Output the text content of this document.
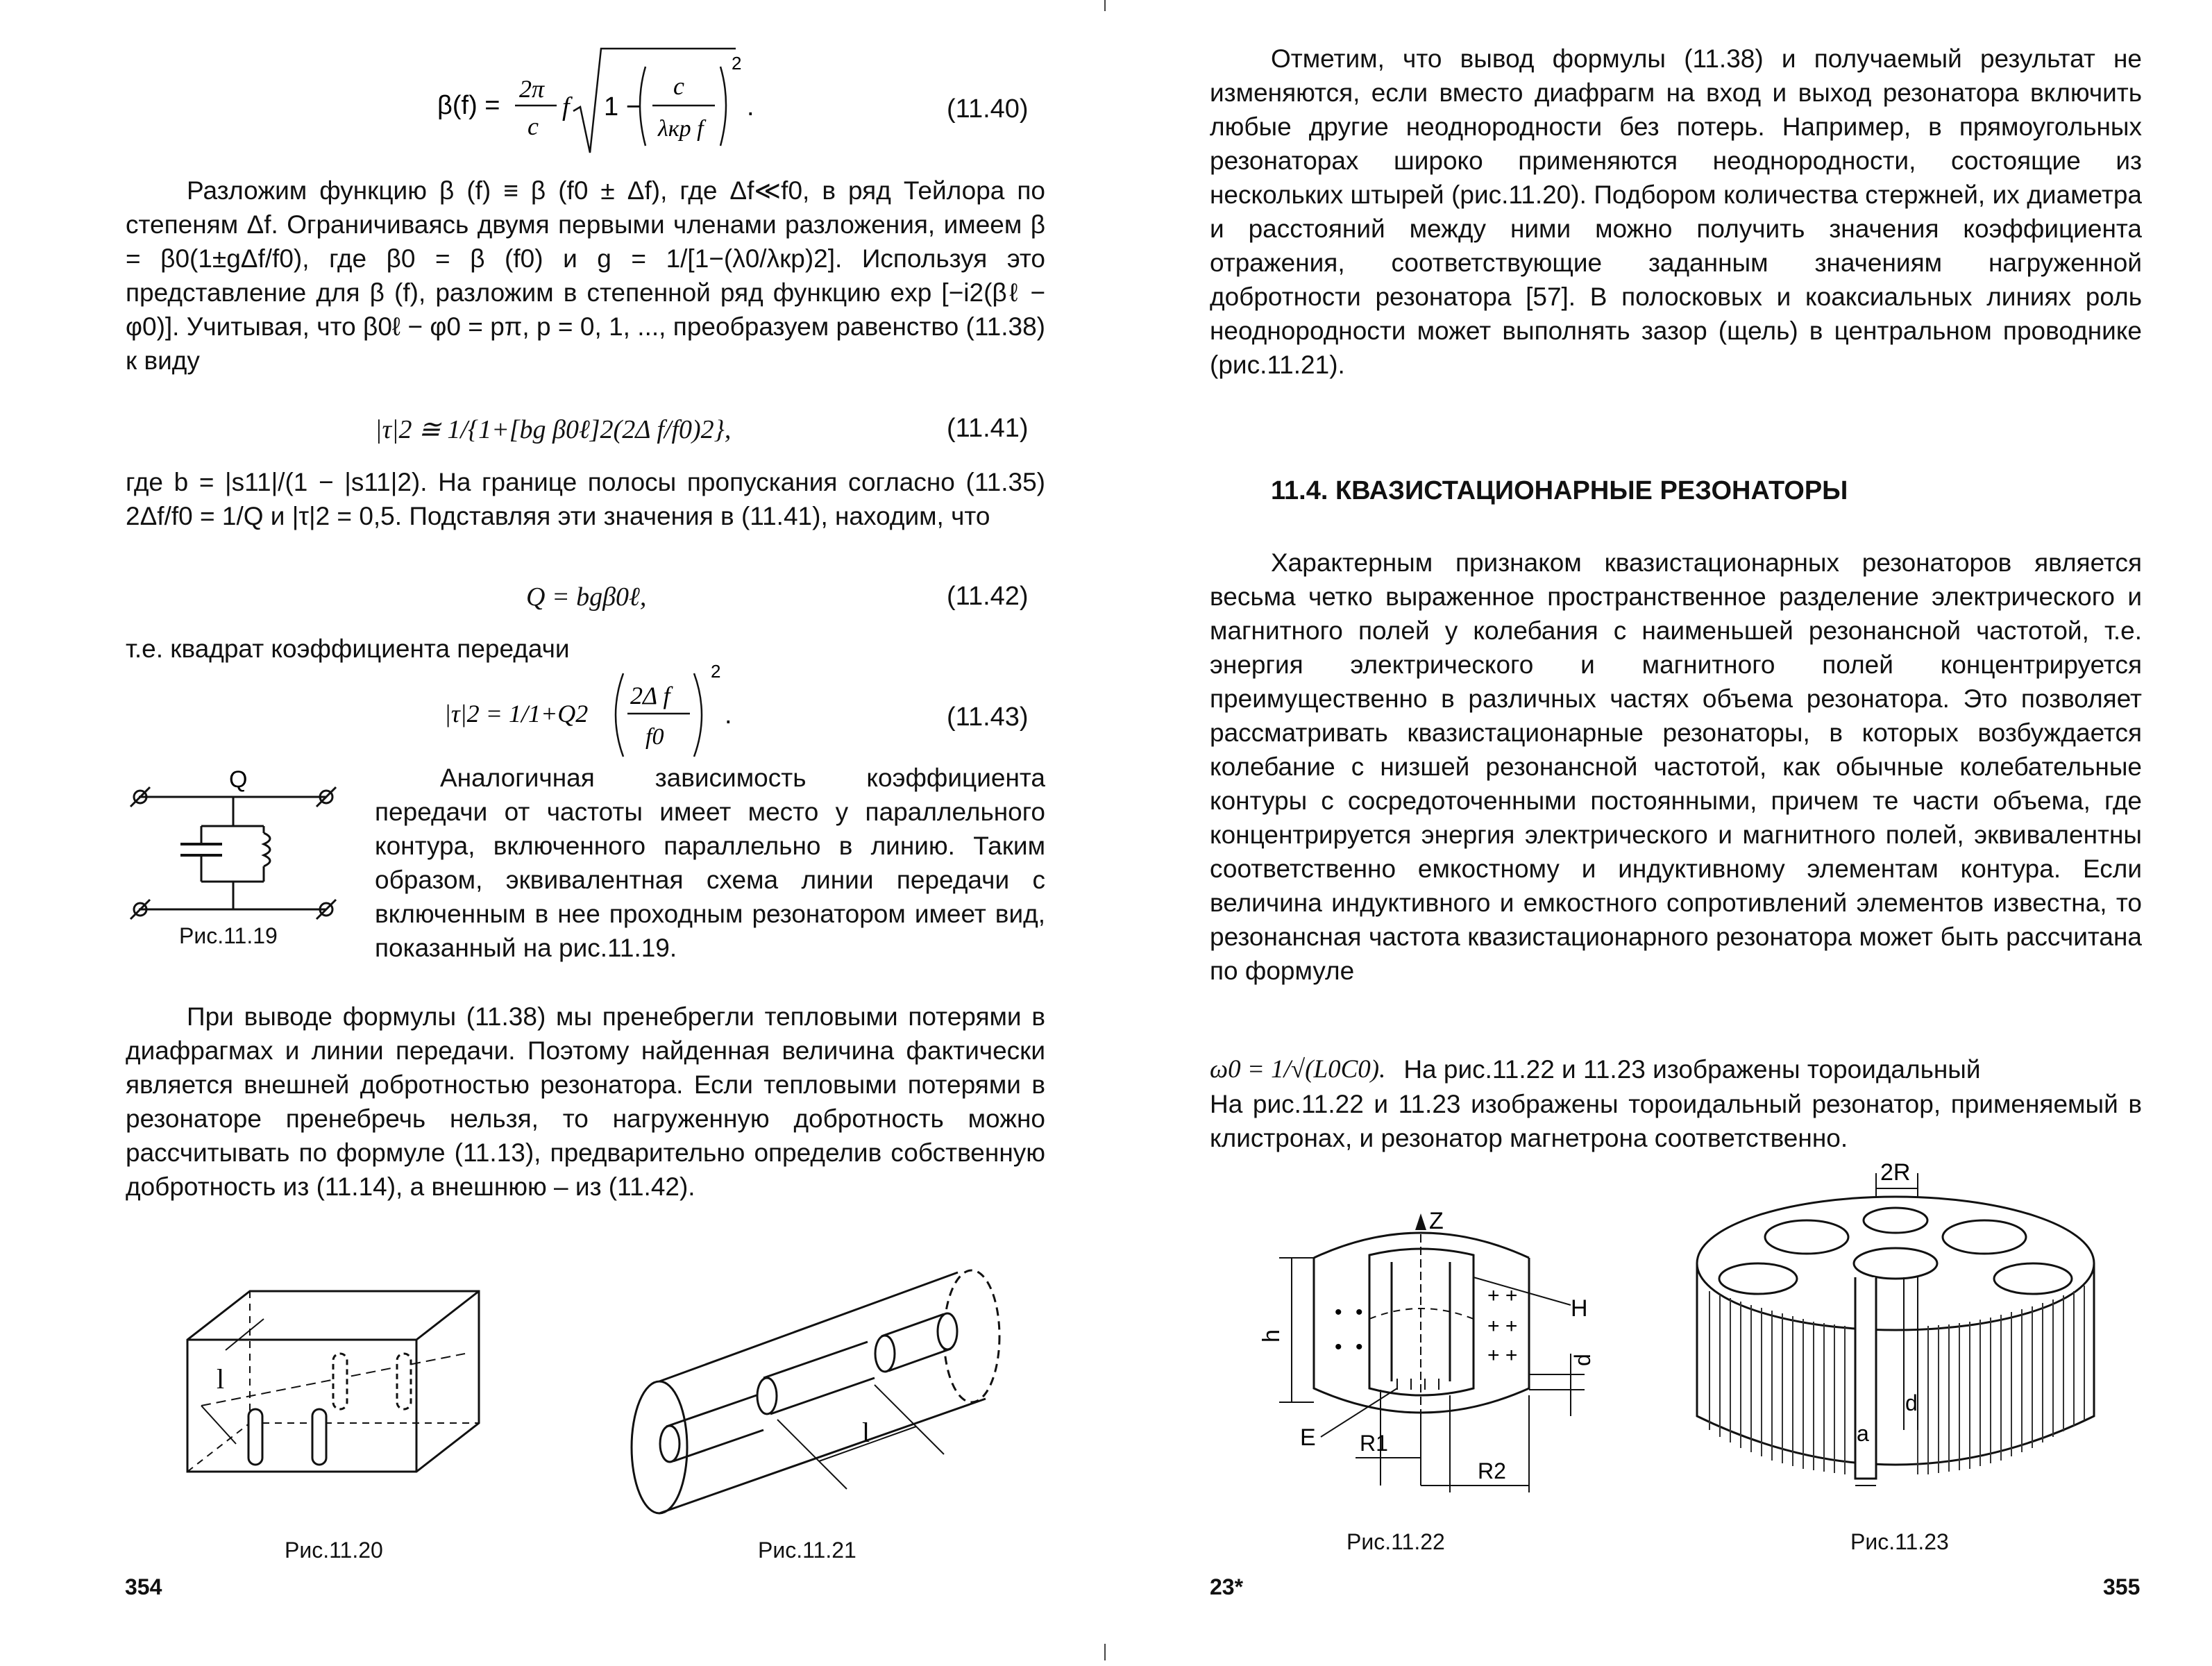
β(f) =
2π
c
f 1 −
c
λкр f
2
.	(11.40)

Разложим функцию β (f) ≡ β (f0 ± Δf), где Δf≪f0, в ряд Тейлора по степеням Δf. Ограничиваясь двумя первыми членами разложения, имеем β = β0(1±gΔf/f0), где β0 = β (f0) и g = 1/[1−(λ0/λкр)2]. Используя это представление для β (f), разложим в степенной ряд функцию exp [−i2(βℓ − φ0)]. Учитывая, что β0ℓ − φ0 = pπ, p = 0, 1, ..., преобразуем равенство (11.38) к виду

|τ|2 ≅ 1/{1+[bg β0ℓ]2(2Δ f/f0)2},	(11.41)

где b = |s11|/(1 − |s11|2). На границе полосы пропускания согласно (11.35) 2Δf/f0 = 1/Q и |τ|2 = 0,5. Подставляя эти значения в (11.41), находим, что

Q = bgβ0ℓ,	(11.42)

т.е. квадрат коэффициента передачи

|τ|2 = 1/1+Q2
2Δ f
f0
2
.	(11.43)
Q
Рис.11.19

Аналогичная зависимость коэффициента передачи от частоты имеет место у параллельного контура, включенного параллельно в линию. Таким образом, эквивалентная схема линии передачи с включенным в нее проходным резонатором имеет вид, показанный на рис.11.19.

При выводе формулы (11.38) мы пренебрегли тепловыми потерями в диафрагмах и линии передачи. Поэтому найденная величина фактически является внешней добротностью резонатора. Если тепловыми потерями в резонаторе пренебречь нельзя, то нагруженную добротность можно рассчитывать по формуле (11.13), предварительно определив собственную добротность из (11.14), а внешнюю – из (11.42).

l
Рис.11.20
l
Рис.11.21
354

Отметим, что вывод формулы (11.38) и получаемый результат не изменяются, если вместо диафрагм на вход и выход резонатора включить любые другие неоднородности без потерь. Например, в прямоугольных резонаторах широко применяются неоднородности, состоящие из нескольких штырей (рис.11.20). Подбором количества стержней, их диаметра и расстояний между ними можно получить значения коэффициента отражения, соответствующие заданным значениям нагруженной добротности резонатора [57]. В полосковых и коаксиальных линиях роль неоднородности может выполнять зазор (щель) в центральном проводнике (рис.11.21).

11.4. КВАЗИСТАЦИОНАРНЫЕ РЕЗОНАТОРЫ

Характерным признаком квазистационарных резонаторов является весьма четко выраженное пространственное разделение электрического и магнитного полей у колебания с наименьшей резонансной частотой, т.е. энергия электрического и магнитного полей концентрируется преимущественно в различных частях объема резонатора. Это позволяет рассматривать квазистационарные резонаторы, в которых возбуждается колебание с низшей резонансной частотой, как обычные колебательные контуры с сосредоточенными постоянными, причем те части объема, где концентрируется энергия электрического и магнитного полей, эквивалентны соответственно емкостному и индуктивному элементам контура. Если величина индуктивного и емкостного сопротивлений элементов известна, то резонансная частота квазистационарного резонатора может быть рассчитана по формуле

ω0 = 1/√(L0C0). На рис.11.22 и 11.23 изображены тороидальный

На рис.11.22 и 11.23 изображены тороидальный резонатор, применяемый в клистронах, и резонатор магнетрона соответственно.

Z
• •
• •
+ +
+ +
+ +
h
H
d
E R1
R2
Рис.11.22
2R
d
a
Рис.11.23
23*	355
